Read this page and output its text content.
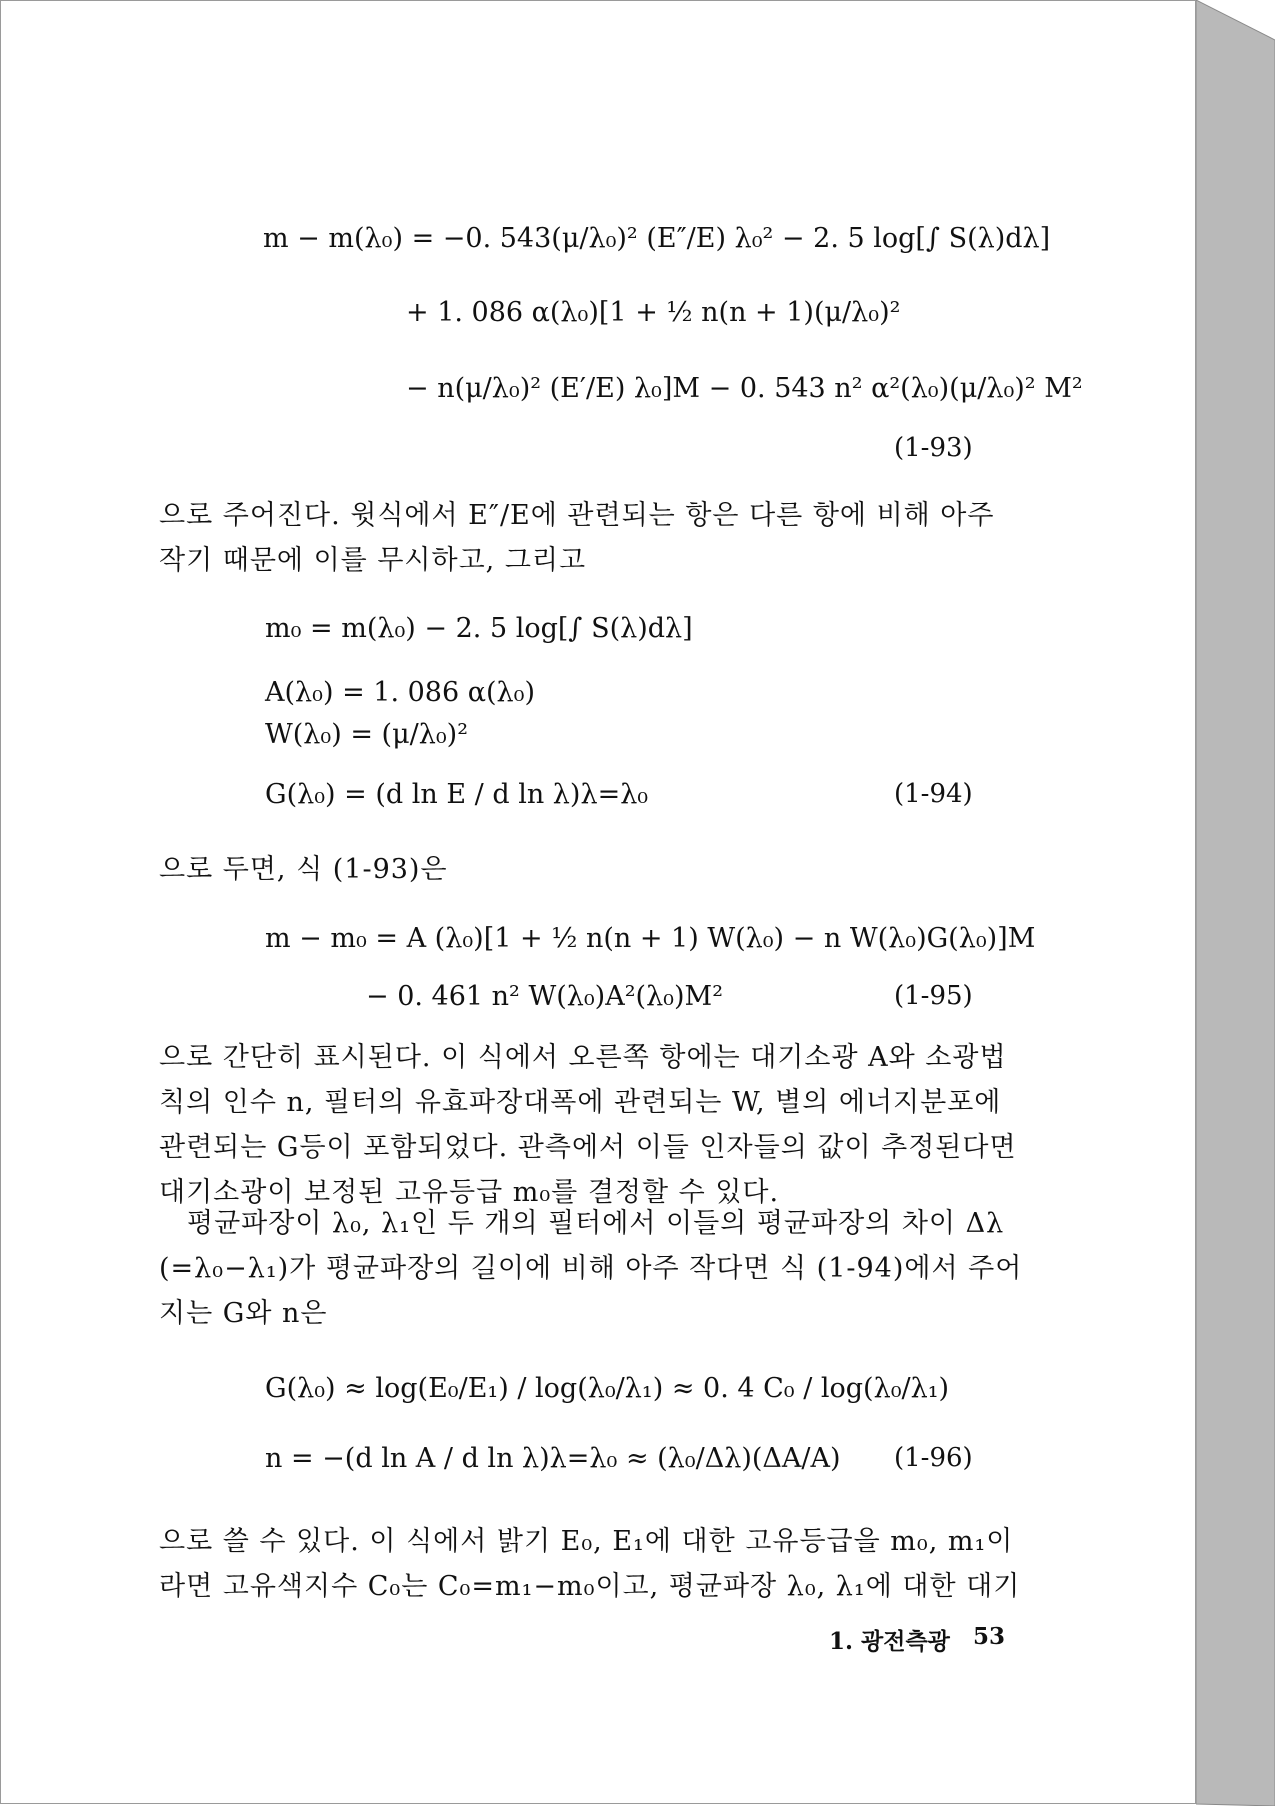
m − m(λ₀) = −0. 543(μ/λ₀)² (E″/E) λ₀² − 2. 5 log[∫ S(λ)dλ]
+ 1. 086 α(λ₀)[1 + ½ n(n + 1)(μ/λ₀)²
− n(μ/λ₀)² (E′/E) λ₀]M − 0. 543 n² α²(λ₀)(μ/λ₀)² M²
(1-93)
으로 주어진다. 윗식에서 E″/E에 관련되는 항은 다른 항에 비해 아주 작기 때문에 이를 무시하고, 그리고
m₀ = m(λ₀) − 2. 5 log[∫ S(λ)dλ]
A(λ₀) = 1. 086 α(λ₀)
W(λ₀) = (μ/λ₀)²
G(λ₀) = (d ln E / d ln λ)λ=λ₀	(1-94)
으로 두면, 식 (1-93)은
m − m₀ = A (λ₀)[1 + ½ n(n + 1) W(λ₀) − n W(λ₀)G(λ₀)]M
− 0. 461 n² W(λ₀)A²(λ₀)M²	(1-95)
으로 간단히 표시된다. 이 식에서 오른쪽 항에는 대기소광 A와 소광법칙의 인수 n, 필터의 유효파장대폭에 관련되는 W, 별의 에너지분포에 관련되는 G등이 포함되었다. 관측에서 이들 인자들의 값이 추정된다면 대기소광이 보정된 고유등급 m₀를 결정할 수 있다.
평균파장이 λ₀, λ₁인 두 개의 필터에서 이들의 평균파장의 차이 Δλ (=λ₀−λ₁)가 평균파장의 길이에 비해 아주 작다면 식 (1-94)에서 주어지는 G와 n은
G(λ₀) ≈ log(E₀/E₁) / log(λ₀/λ₁) ≈ 0. 4 C₀ / log(λ₀/λ₁)
n = −(d ln A / d ln λ)λ=λ₀ ≈ (λ₀/Δλ)(ΔA/A) (1-96)
으로 쓸 수 있다. 이 식에서 밝기 E₀, E₁에 대한 고유등급을 m₀, m₁이라면 고유색지수 C₀는 C₀=m₁−m₀이고, 평균파장 λ₀, λ₁에 대한 대기
1. 광전측광 53
